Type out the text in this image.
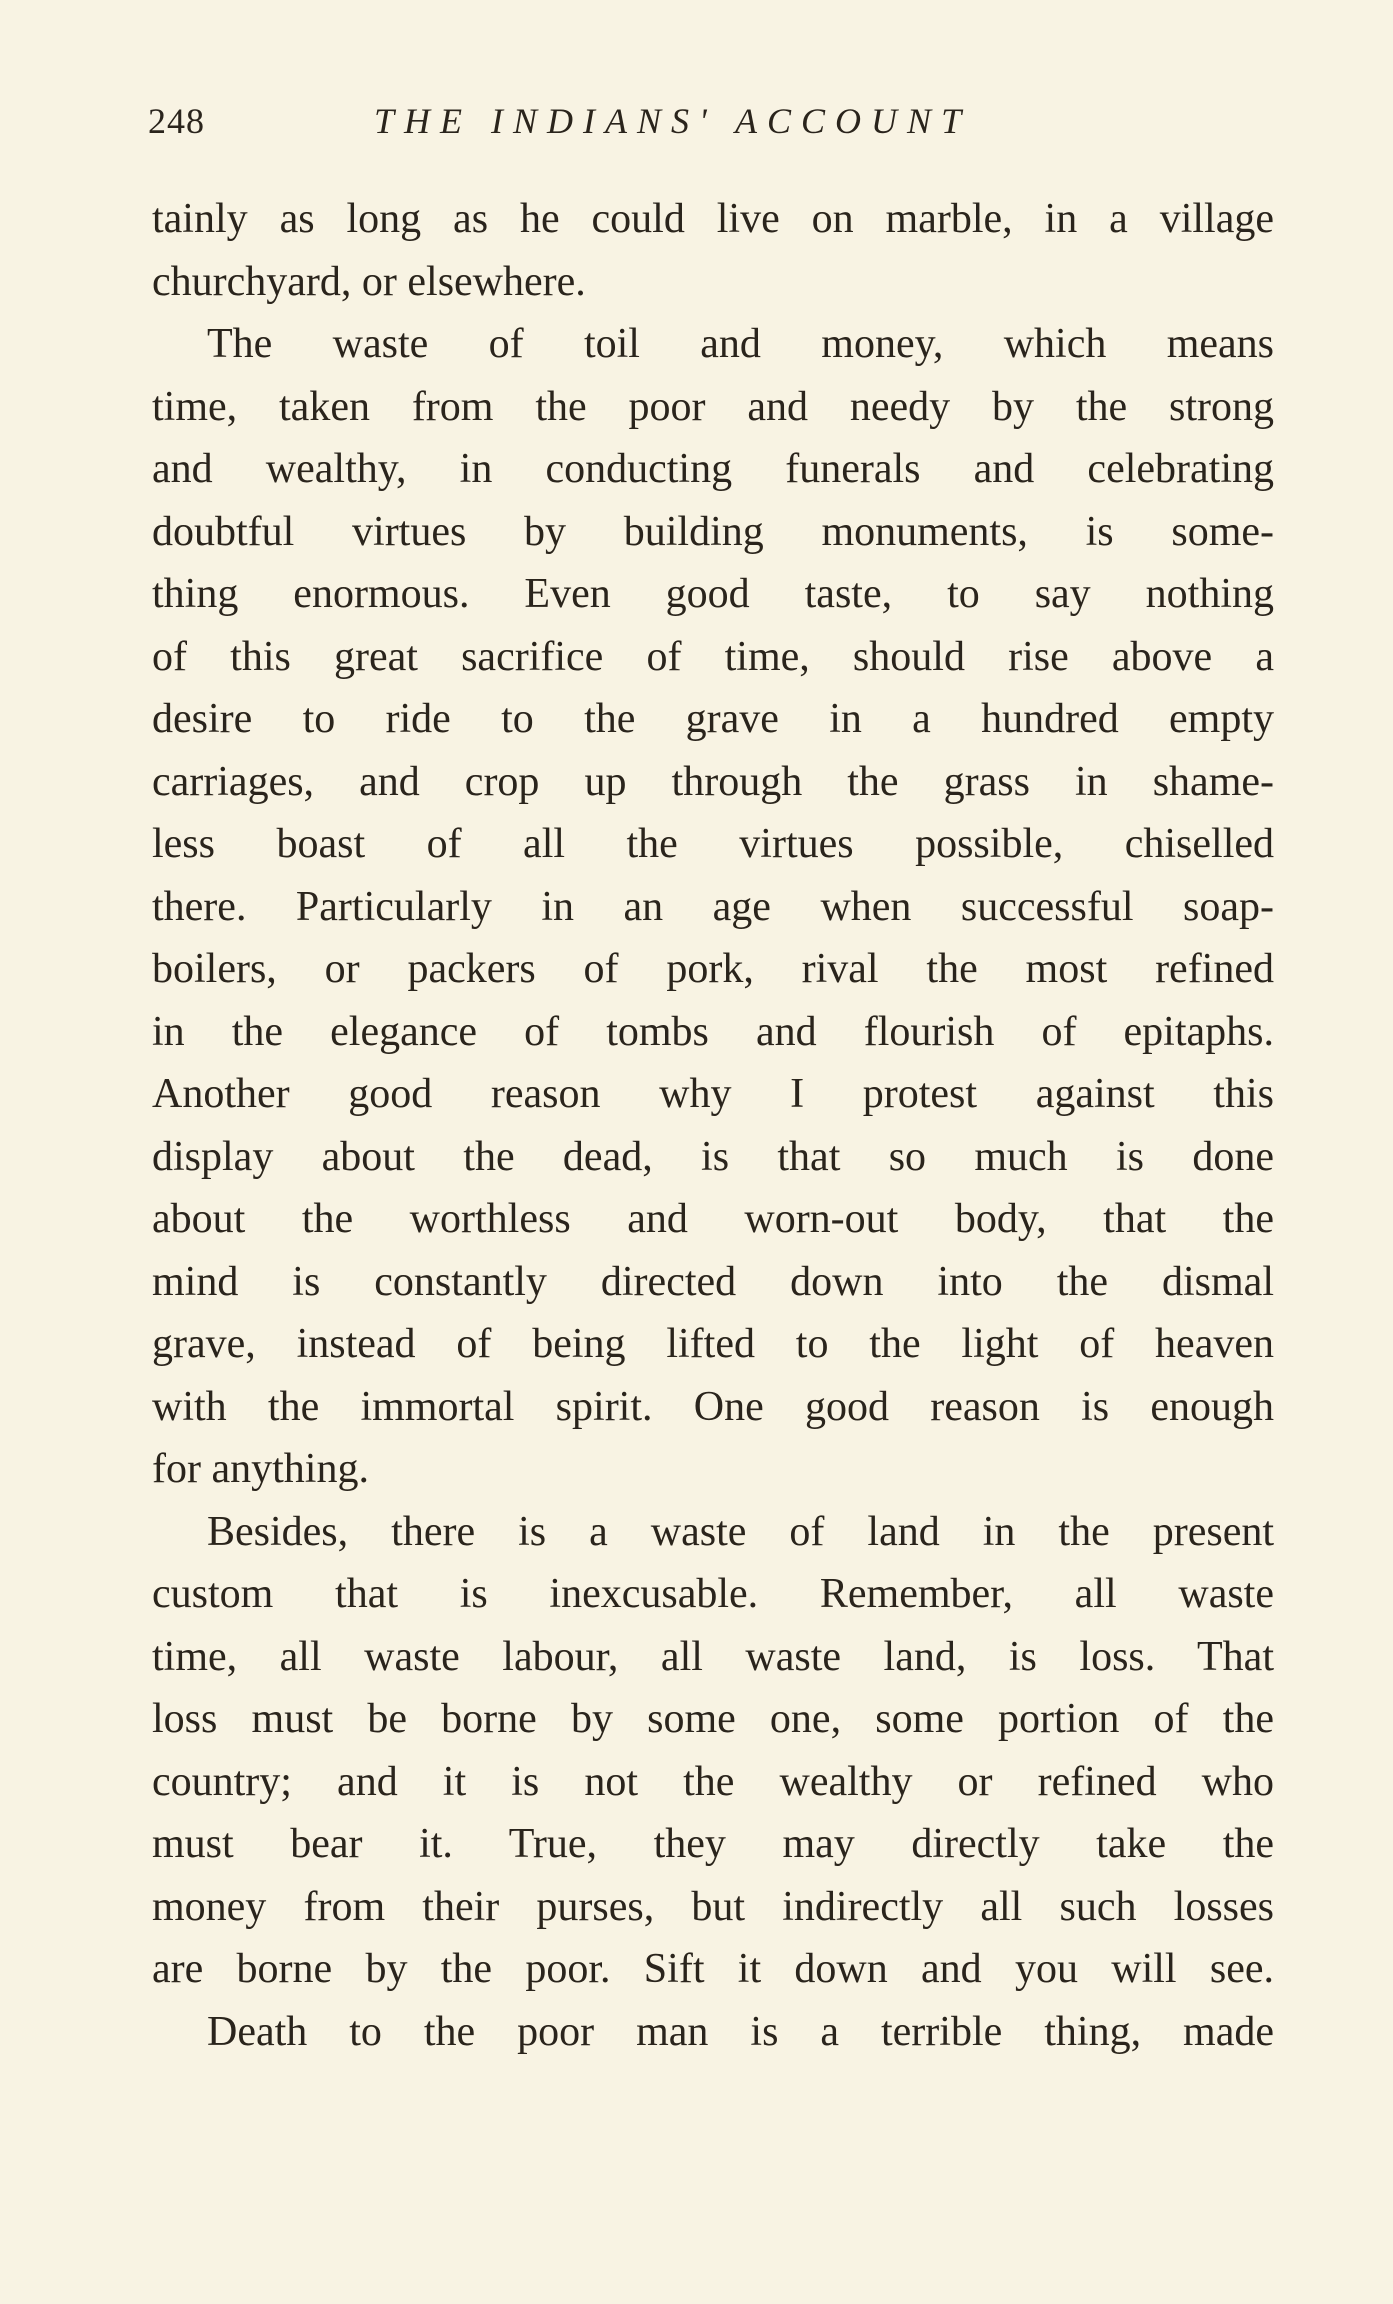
248	THE INDIANS' ACCOUNT
tainly as long as he could live on marble, in a village
churchyard, or elsewhere.
The waste of toil and money, which means
time, taken from the poor and needy by the strong
and wealthy, in conducting funerals and celebrating
doubtful virtues by building monuments, is some-
thing enormous. Even good taste, to say nothing
of this great sacrifice of time, should rise above a
desire to ride to the grave in a hundred empty
carriages, and crop up through the grass in shame-
less boast of all the virtues possible, chiselled
there. Particularly in an age when successful soap-
boilers, or packers of pork, rival the most refined
in the elegance of tombs and flourish of epitaphs.
Another good reason why I protest against this
display about the dead, is that so much is done
about the worthless and worn-out body, that the
mind is constantly directed down into the dismal
grave, instead of being lifted to the light of heaven
with the immortal spirit. One good reason is enough
for anything.
Besides, there is a waste of land in the present
custom that is inexcusable. Remember, all waste
time, all waste labour, all waste land, is loss. That
loss must be borne by some one, some portion of the
country; and it is not the wealthy or refined who
must bear it. True, they may directly take the
money from their purses, but indirectly all such losses
are borne by the poor. Sift it down and you will see.
Death to the poor man is a terrible thing, made
